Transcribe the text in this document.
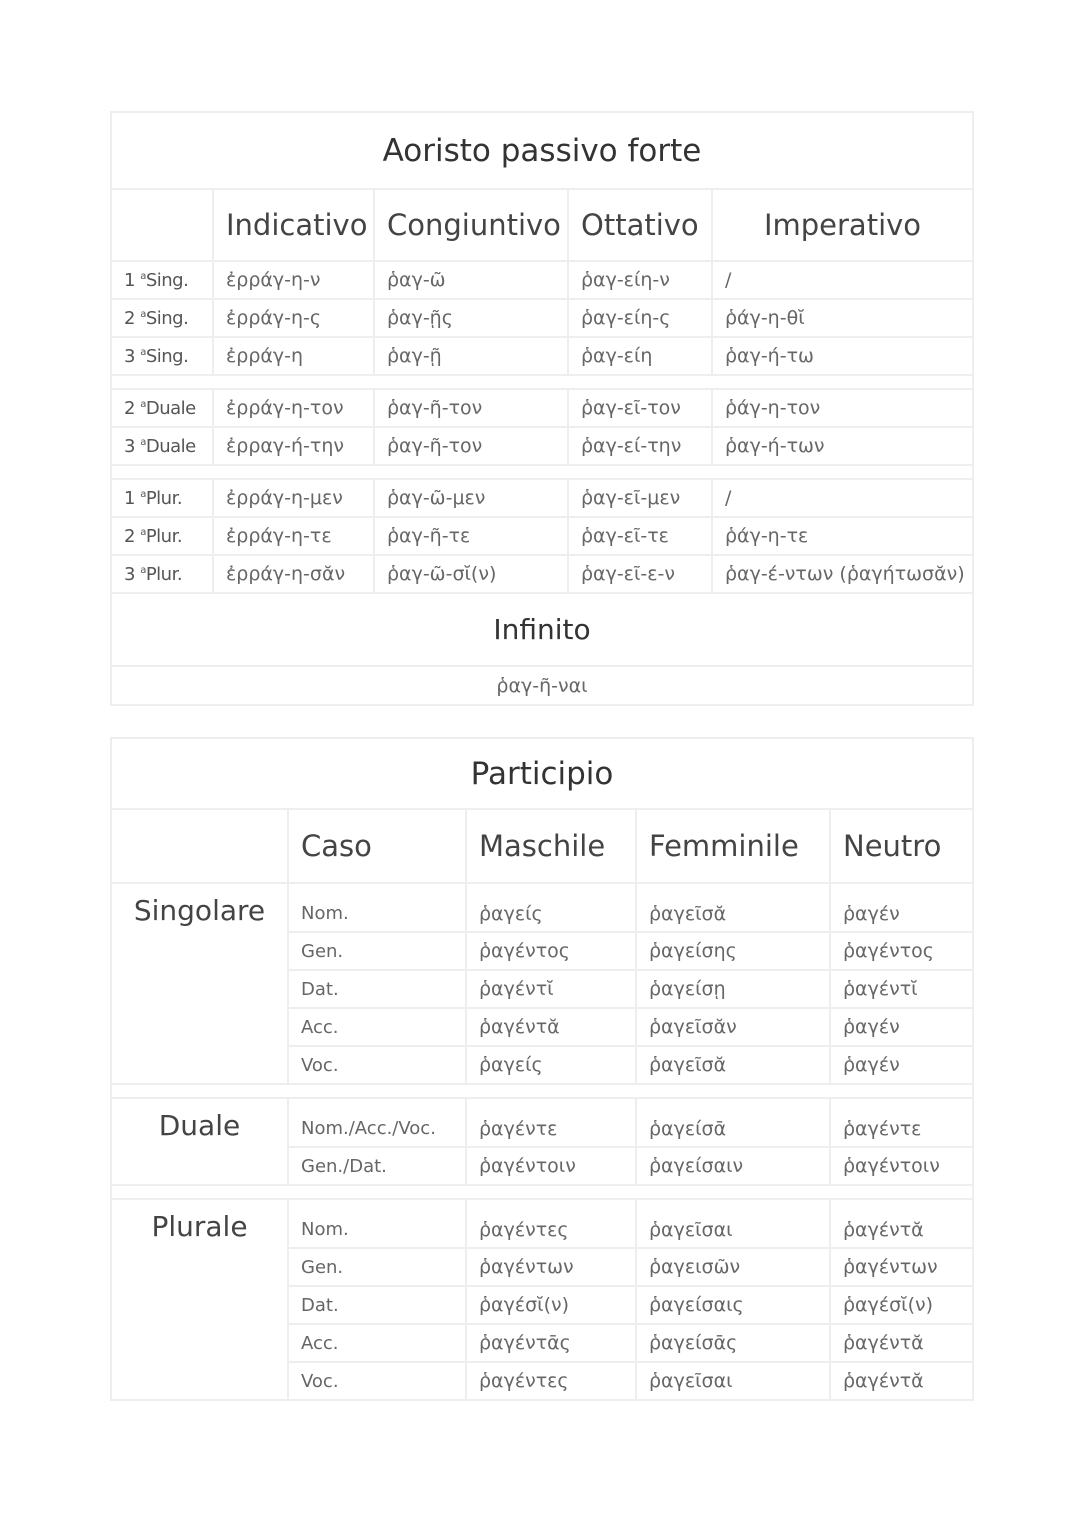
Aoristo passivo forte				
	Indicativo	Congiuntivo	Ottativo	Imperativo
1 $^a$Sing.	ἐρράγ-η-ν	ῥαγ-ῶ	ῥαγ-είη-ν	/
2 $^a$Sing.	ἐρράγ-η-ς	ῥαγ-ῇς	ῥαγ-είη-ς	ῥάγ-η-θῐ
3 $^a$Sing.	ἐρράγ-η	ῥαγ-ῇ	ῥαγ-είη	ῥαγ-ή-τω

2 $^a$Duale	ἐρράγ-η-τον	ῥαγ-ῆ-τον	ῥαγ-εῖ-τον	ῥάγ-η-τον
3 $^a$Duale	ἐρραγ-ή-την	ῥαγ-ῆ-τον	ῥαγ-εί-την	ῥαγ-ή-των

1 $^a$Plur.	ἐρράγ-η-μεν	ῥαγ-ῶ-μεν	ῥαγ-εῖ-μεν	/
2 $^a$Plur.	ἐρράγ-η-τε	ῥαγ-ῆ-τε	ῥαγ-εῖ-τε	ῥάγ-η-τε
3 $^a$Plur.	ἐρράγ-η-σᾰν	ῥαγ-ῶ-σῐ(ν)	ῥαγ-εῖ-ε-ν	ῥαγ-έ-ντων (ῥαγήτωσᾰν)
Infinito				
ῥαγ-ῆ-ναι				
Participio				
	Caso	Maschile	Femminile	Neutro
Singolare	Nom.	ῥαγείς	ῥαγεῖσᾰ	ῥαγέν
	Gen.	ῥαγέντος	ῥαγείσης	ῥαγέντος
	Dat.	ῥαγέντῐ	ῥαγείσῃ	ῥαγέντῐ
	Acc.	ῥαγέντᾰ	ῥαγεῖσᾰν	ῥαγέν
	Voc.	ῥαγείς	ῥαγεῖσᾰ	ῥαγέν

Duale	Nom./Acc./Voc.	ῥαγέντε	ῥαγείσᾱ	ῥαγέντε
	Gen./Dat.	ῥαγέντοιν	ῥαγείσαιν	ῥαγέντοιν

Plurale	Nom.	ῥαγέντες	ῥαγεῖσαι	ῥαγέντᾰ
	Gen.	ῥαγέντων	ῥαγεισῶν	ῥαγέντων
	Dat.	ῥαγέσῐ(ν)	ῥαγείσαις	ῥαγέσῐ(ν)
	Acc.	ῥαγέντᾱς	ῥαγείσᾱς	ῥαγέντᾰ
	Voc.	ῥαγέντες	ῥαγεῖσαι	ῥαγέντᾰ
